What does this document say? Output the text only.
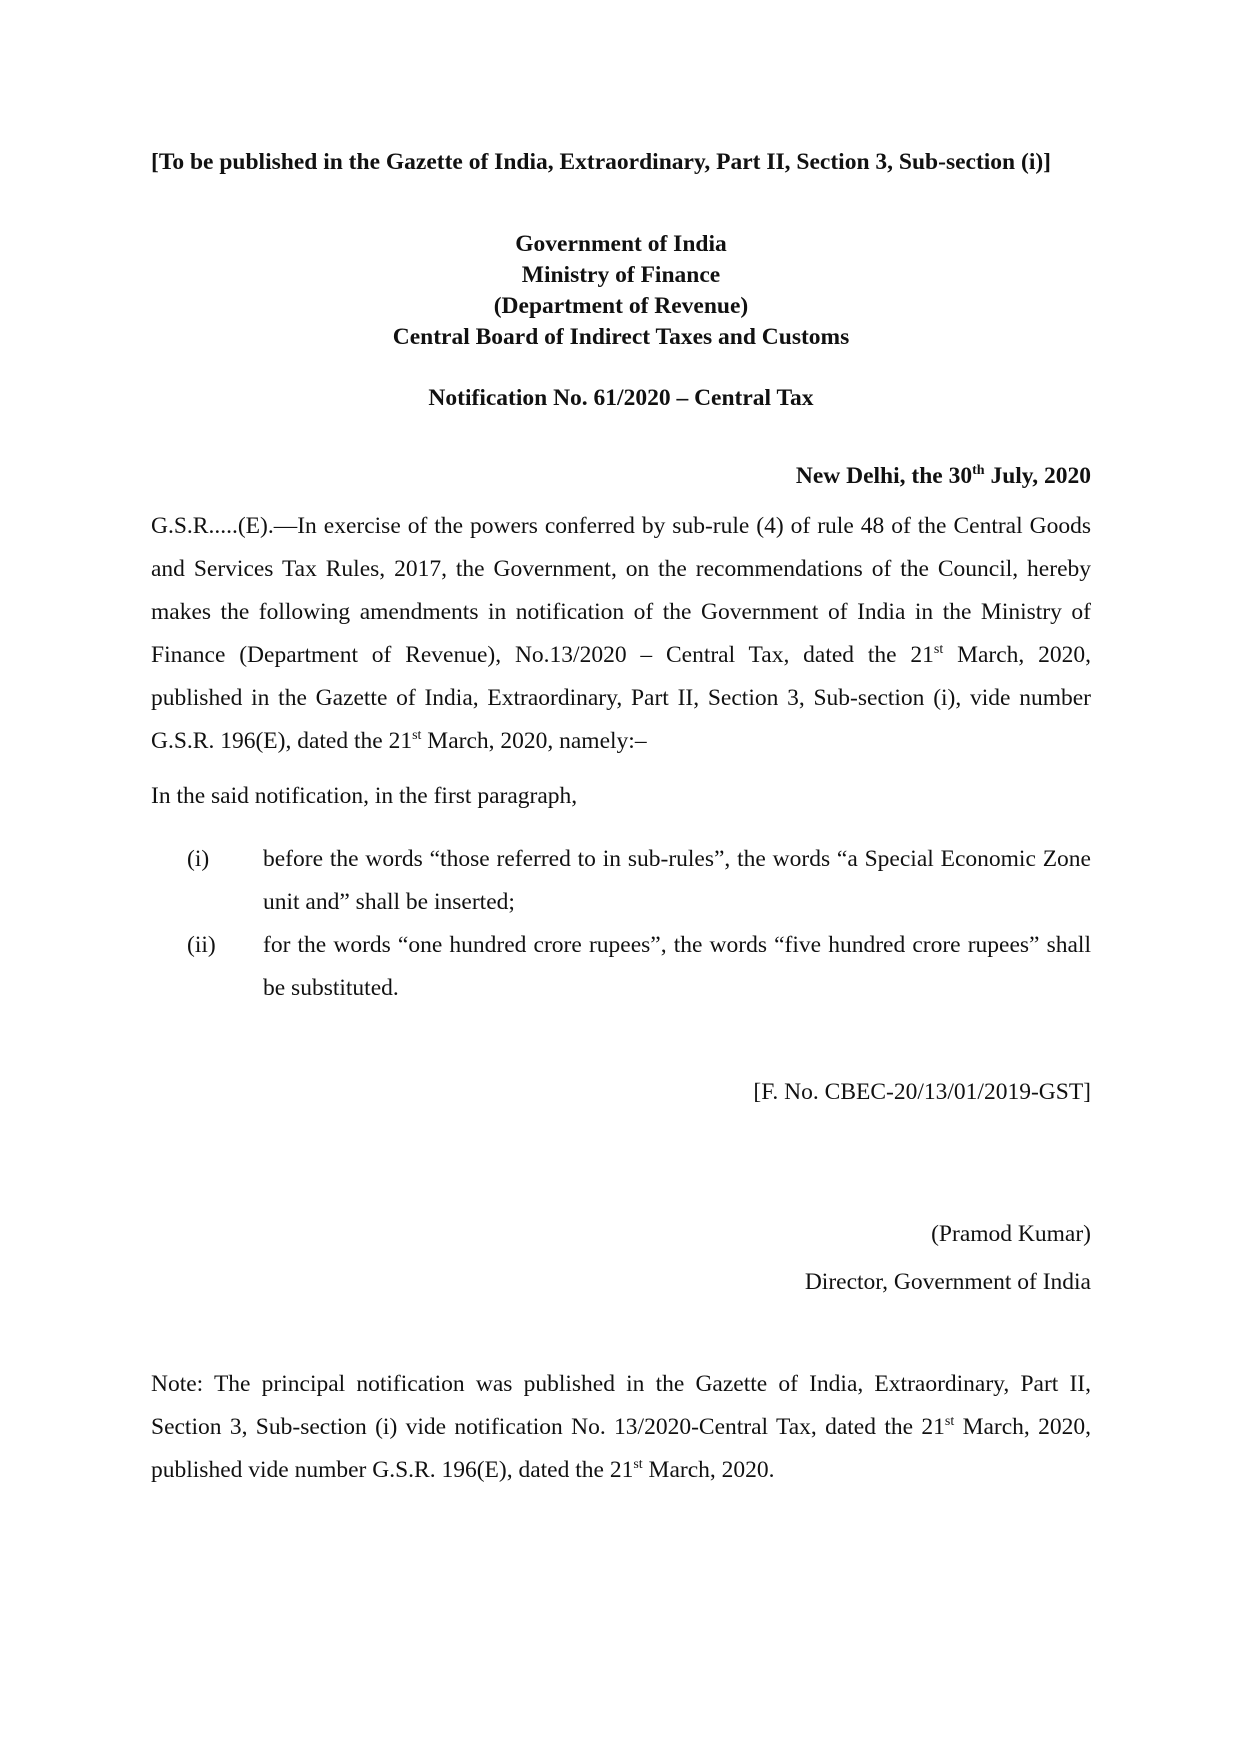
[To be published in the Gazette of India, Extraordinary, Part II, Section 3, Sub-section (i)]
Government of India
Ministry of Finance
(Department of Revenue)
Central Board of Indirect Taxes and Customs
Notification No. 61/2020 – Central Tax
New Delhi, the 30th July, 2020
G.S.R.....(E).—In exercise of the powers conferred by sub-rule (4) of rule 48 of the Central Goods and Services Tax Rules, 2017, the Government, on the recommendations of the Council, hereby makes the following amendments in notification of the Government of India in the Ministry of Finance (Department of Revenue), No.13/2020 – Central Tax, dated the 21st March, 2020, published in the Gazette of India, Extraordinary, Part II, Section 3, Sub-section (i), vide number G.S.R. 196(E), dated the 21st March, 2020, namely:–
In the said notification, in the first paragraph,
(i) before the words “those referred to in sub-rules”, the words “a Special Economic Zone unit and” shall be inserted;
(ii) for the words “one hundred crore rupees”, the words “five hundred crore rupees” shall be substituted.
[F. No. CBEC-20/13/01/2019-GST]
(Pramod Kumar)
Director, Government of India
Note: The principal notification was published in the Gazette of India, Extraordinary, Part II, Section 3, Sub-section (i) vide notification No. 13/2020-Central Tax, dated the 21st March, 2020, published vide number G.S.R. 196(E), dated the 21st March, 2020.
